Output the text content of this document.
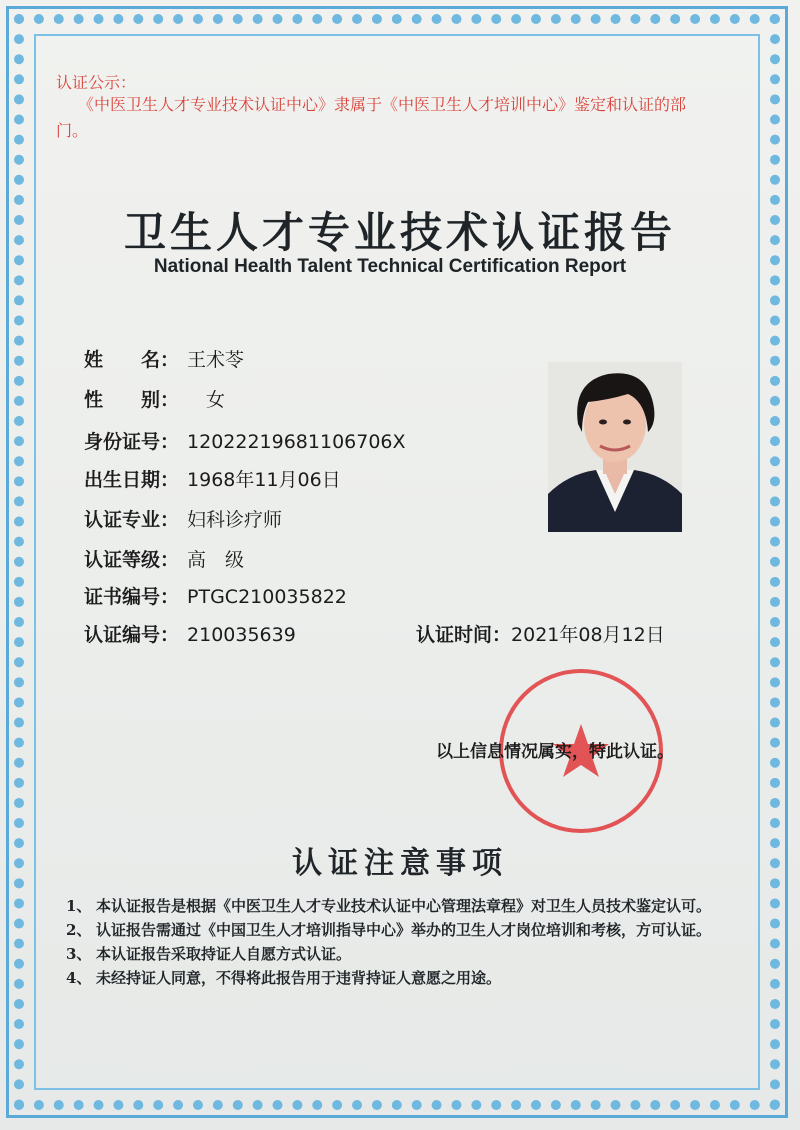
认证公示：
《中医卫生人才专业技术认证中心》隶属于《中医卫生人才培训中心》鉴定和认证的部门。
卫生人才专业技术认证报告
National Health Talent Technical Certification Report
姓　　名： 王术苓
性　　别：　女
身份证号： 12022219681106706X
出生日期： 1968年11月06日
认证专业： 妇科诊疗师
认证等级： 高　级
证书编号： PTGC210035822
认证编号： 210035639	认证时间：2021年08月12日
以上信息情况属实，特此认证。
认证注意事项
1、 本认证报告是根据《中医卫生人才专业技术认证中心管理法章程》对卫生人员技术鉴定认可。
2、 认证报告需通过《中国卫生人才培训指导中心》举办的卫生人才岗位培训和考核，方可认证。
3、 本认证报告采取持证人自愿方式认证。
4、 未经持证人同意，不得将此报告用于违背持证人意愿之用途。
